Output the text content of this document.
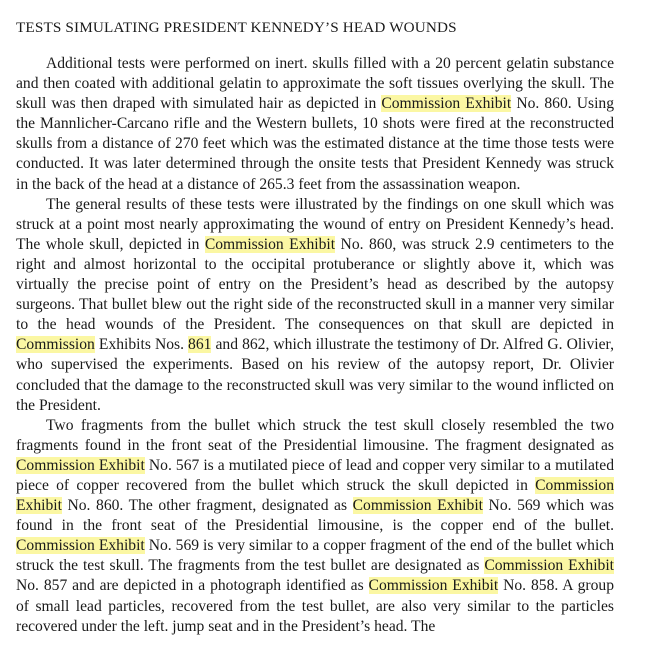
TESTS SIMULATING PRESIDENT KENNEDY’S HEAD WOUNDS

Additional tests were performed on inert. skulls filled with a 20 percent gelatin substance and then coated with additional gelatin to approximate the soft tissues overlying the skull. The skull was then draped with simulated hair as depicted in Commission Exhibit No. 860. Using the Mannlicher-Carcano rifle and the Western bullets, 10 shots were fired at the reconstructed skulls from a distance of 270 feet which was the estimated distance at the time those tests were conducted. It was later determined through the onsite tests that President Kennedy was struck in the back of the head at a distance of 265.3 feet from the assassination weapon.

The general results of these tests were illustrated by the findings on one skull which was struck at a point most nearly approximating the wound of entry on President Kennedy’s head. The whole skull, depicted in Commission Exhibit No. 860, was struck 2.9 centimeters to the right and almost horizontal to the occipital protuberance or slightly above it, which was virtually the precise point of entry on the President’s head as described by the autopsy surgeons. That bullet blew out the right side of the reconstructed skull in a manner very similar to the head wounds of the President. The consequences on that skull are depicted in Commission Exhibits Nos. 861 and 862, which illustrate the testimony of Dr. Alfred G. Olivier, who supervised the experiments. Based on his review of the autopsy report, Dr. Olivier concluded that the damage to the reconstructed skull was very similar to the wound inflicted on the President.

Two fragments from the bullet which struck the test skull closely resembled the two fragments found in the front seat of the Presidential limousine. The fragment designated as Commission Exhibit No. 567 is a mutilated piece of lead and copper very similar to a mutilated piece of copper recovered from the bullet which struck the skull depicted in Commission Exhibit No. 860. The other fragment, designated as Commission Exhibit No. 569 which was found in the front seat of the Presidential limousine, is the copper end of the bullet. Commission Exhibit No. 569 is very similar to a copper fragment of the end of the bullet which struck the test skull. The fragments from the test bullet are designated as Commission Exhibit No. 857 and are depicted in a photograph identified as Commission Exhibit No. 858. A group of small lead particles, recovered from the test bullet, are also very similar to the particles recovered under the left. jump seat and in the President’s head. The
